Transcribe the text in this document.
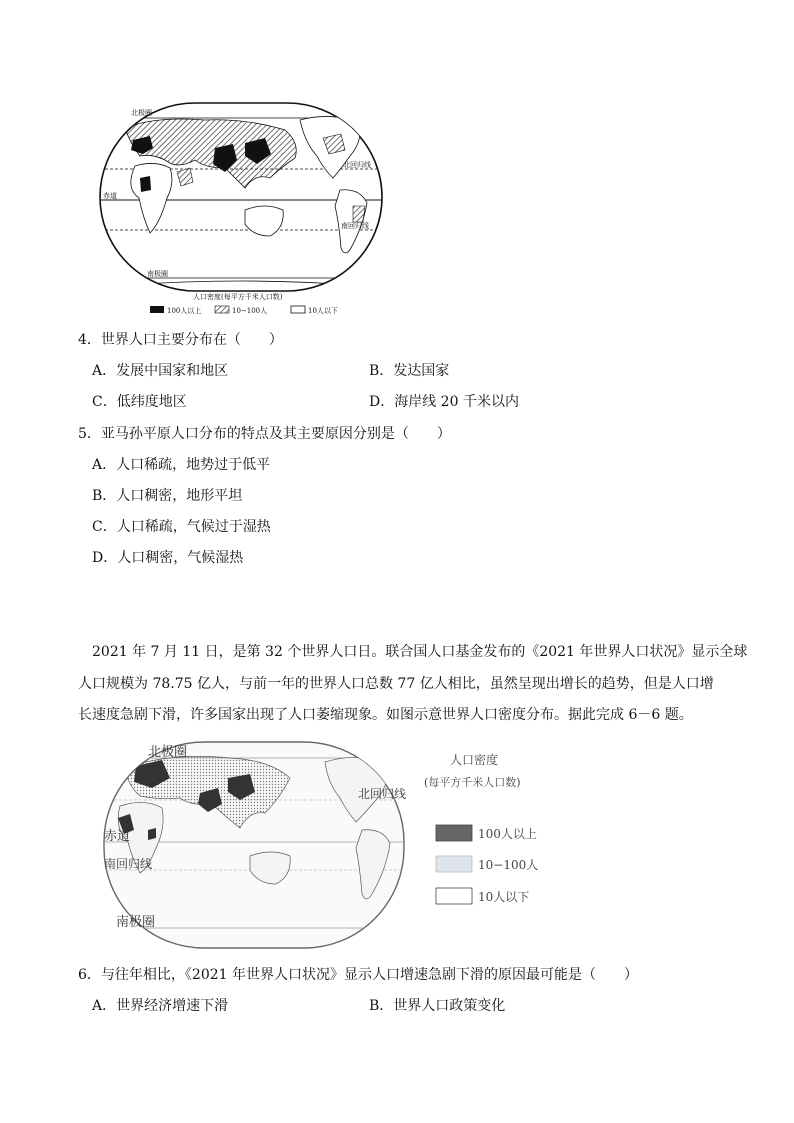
北极圈
北回归线
赤道
南回归线
南极圈
人口密度(每平方千米人口数)
100人以上	10−100人	10人以下
4．世界人口主要分布在（　　）
A．发展中国家和地区	B．发达国家
C．低纬度地区	D．海岸线 20 千米以内
5．亚马孙平原人口分布的特点及其主要原因分别是（　　）
A．人口稀疏，地势过于低平
B．人口稠密，地形平坦
C．人口稀疏，气候过于湿热
D．人口稠密，气候湿热
2021 年 7 月 11 日，是第 32 个世界人口日。联合国人口基金发布的《2021 年世界人口状况》显示全球
人口规模为 78.75 亿人，与前一年的世界人口总数 77 亿人相比，虽然呈现出增长的趋势，但是人口增
长速度急剧下滑，许多国家出现了人口萎缩现象。如图示意世界人口密度分布。据此完成 6－6 题。
北极圈
北回归线
赤道
南回归线
南极圈
人口密度
(每平方千米人口数)
100人以上
10−100人
10人以下
6．与往年相比，《2021 年世界人口状况》显示人口增速急剧下滑的原因最可能是（　　）
A．世界经济增速下滑	B．世界人口政策变化
